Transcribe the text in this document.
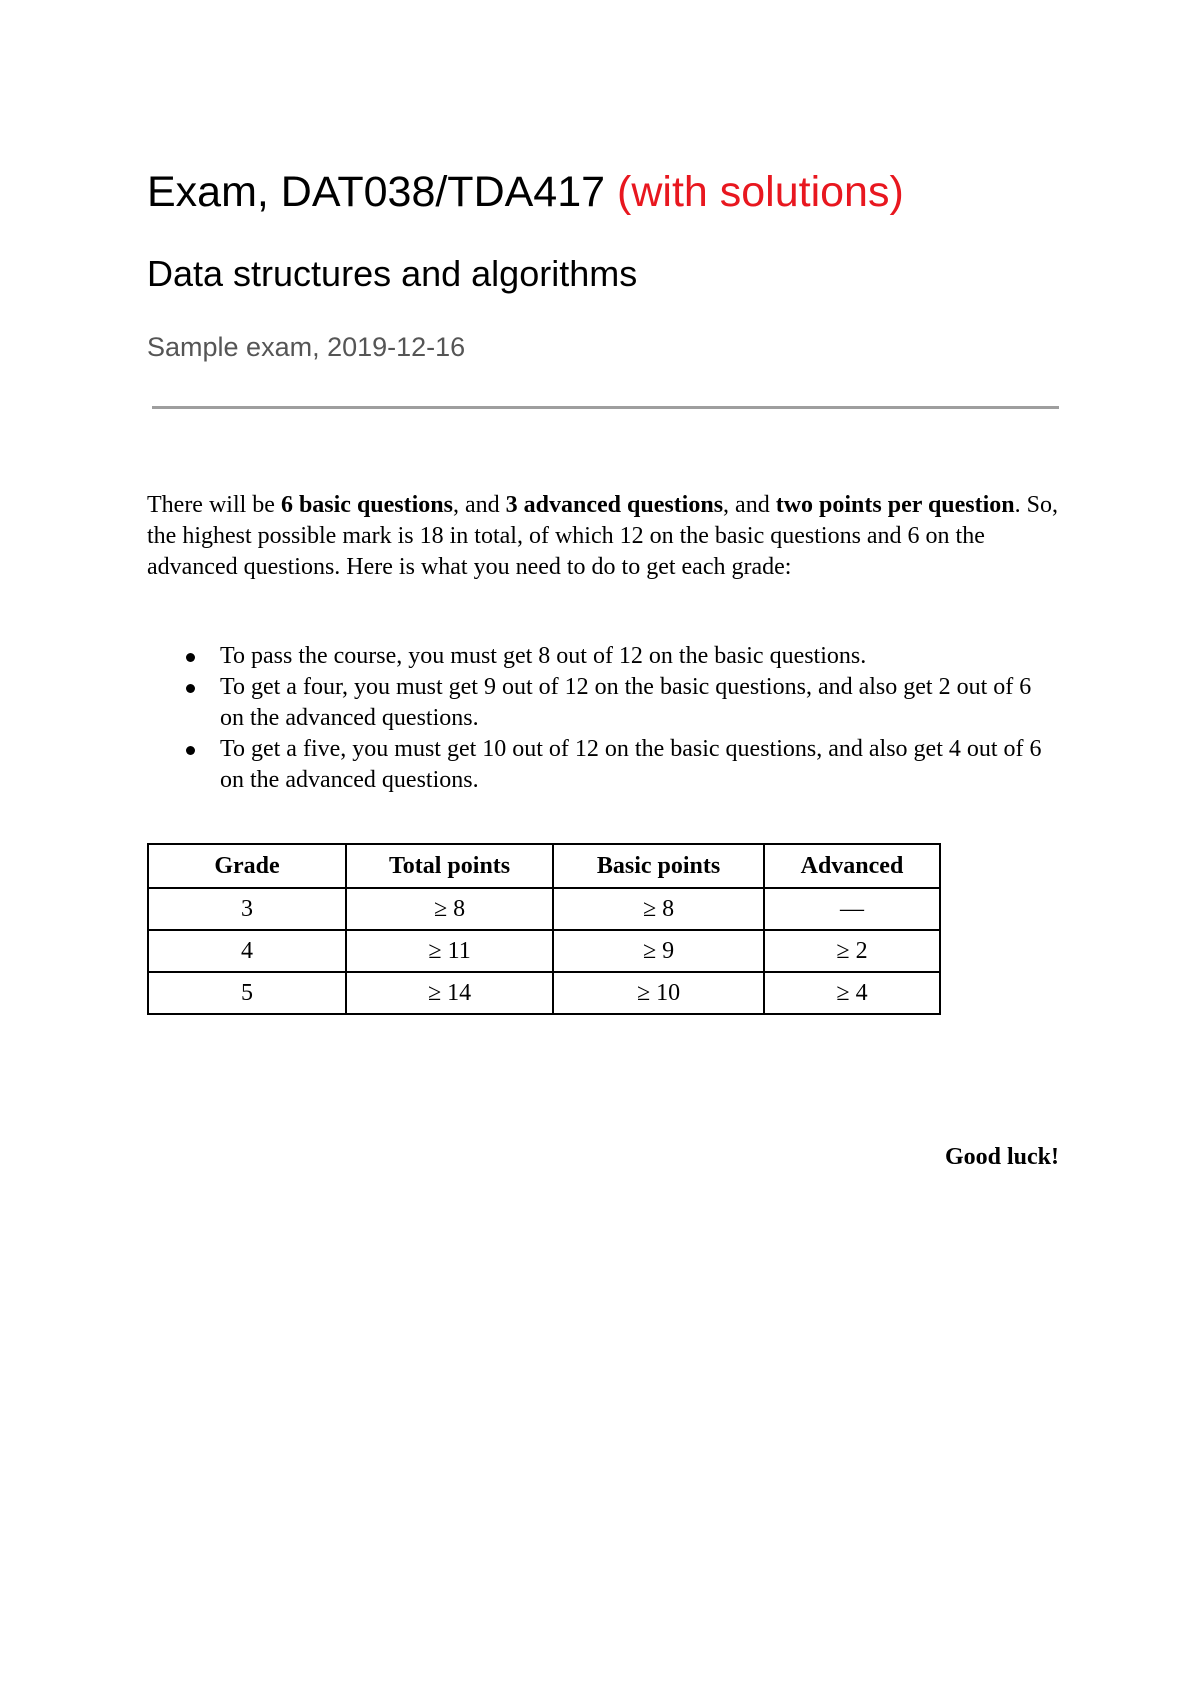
Exam, DAT038/TDA417 (with solutions)
Data structures and algorithms

Sample exam, 2019-12-16

There will be 6 basic questions, and 3 advanced questions, and two points per question. So, the highest possible mark is 18 in total, of which 12 on the basic questions and 6 on the advanced questions. Here is what you need to do to get each grade:

To pass the course, you must get 8 out of 12 on the basic questions.
To get a four, you must get 9 out of 12 on the basic questions, and also get 2 out of 6 on the advanced questions.
To get a five, you must get 10 out of 12 on the basic questions, and also get 4 out of 6 on the advanced questions.
Grade	Total points	Basic points	Advanced
3	≥ 8	≥ 8	—
4	≥ 11	≥ 9	≥ 2
5	≥ 14	≥ 10	≥ 4

Good luck!
